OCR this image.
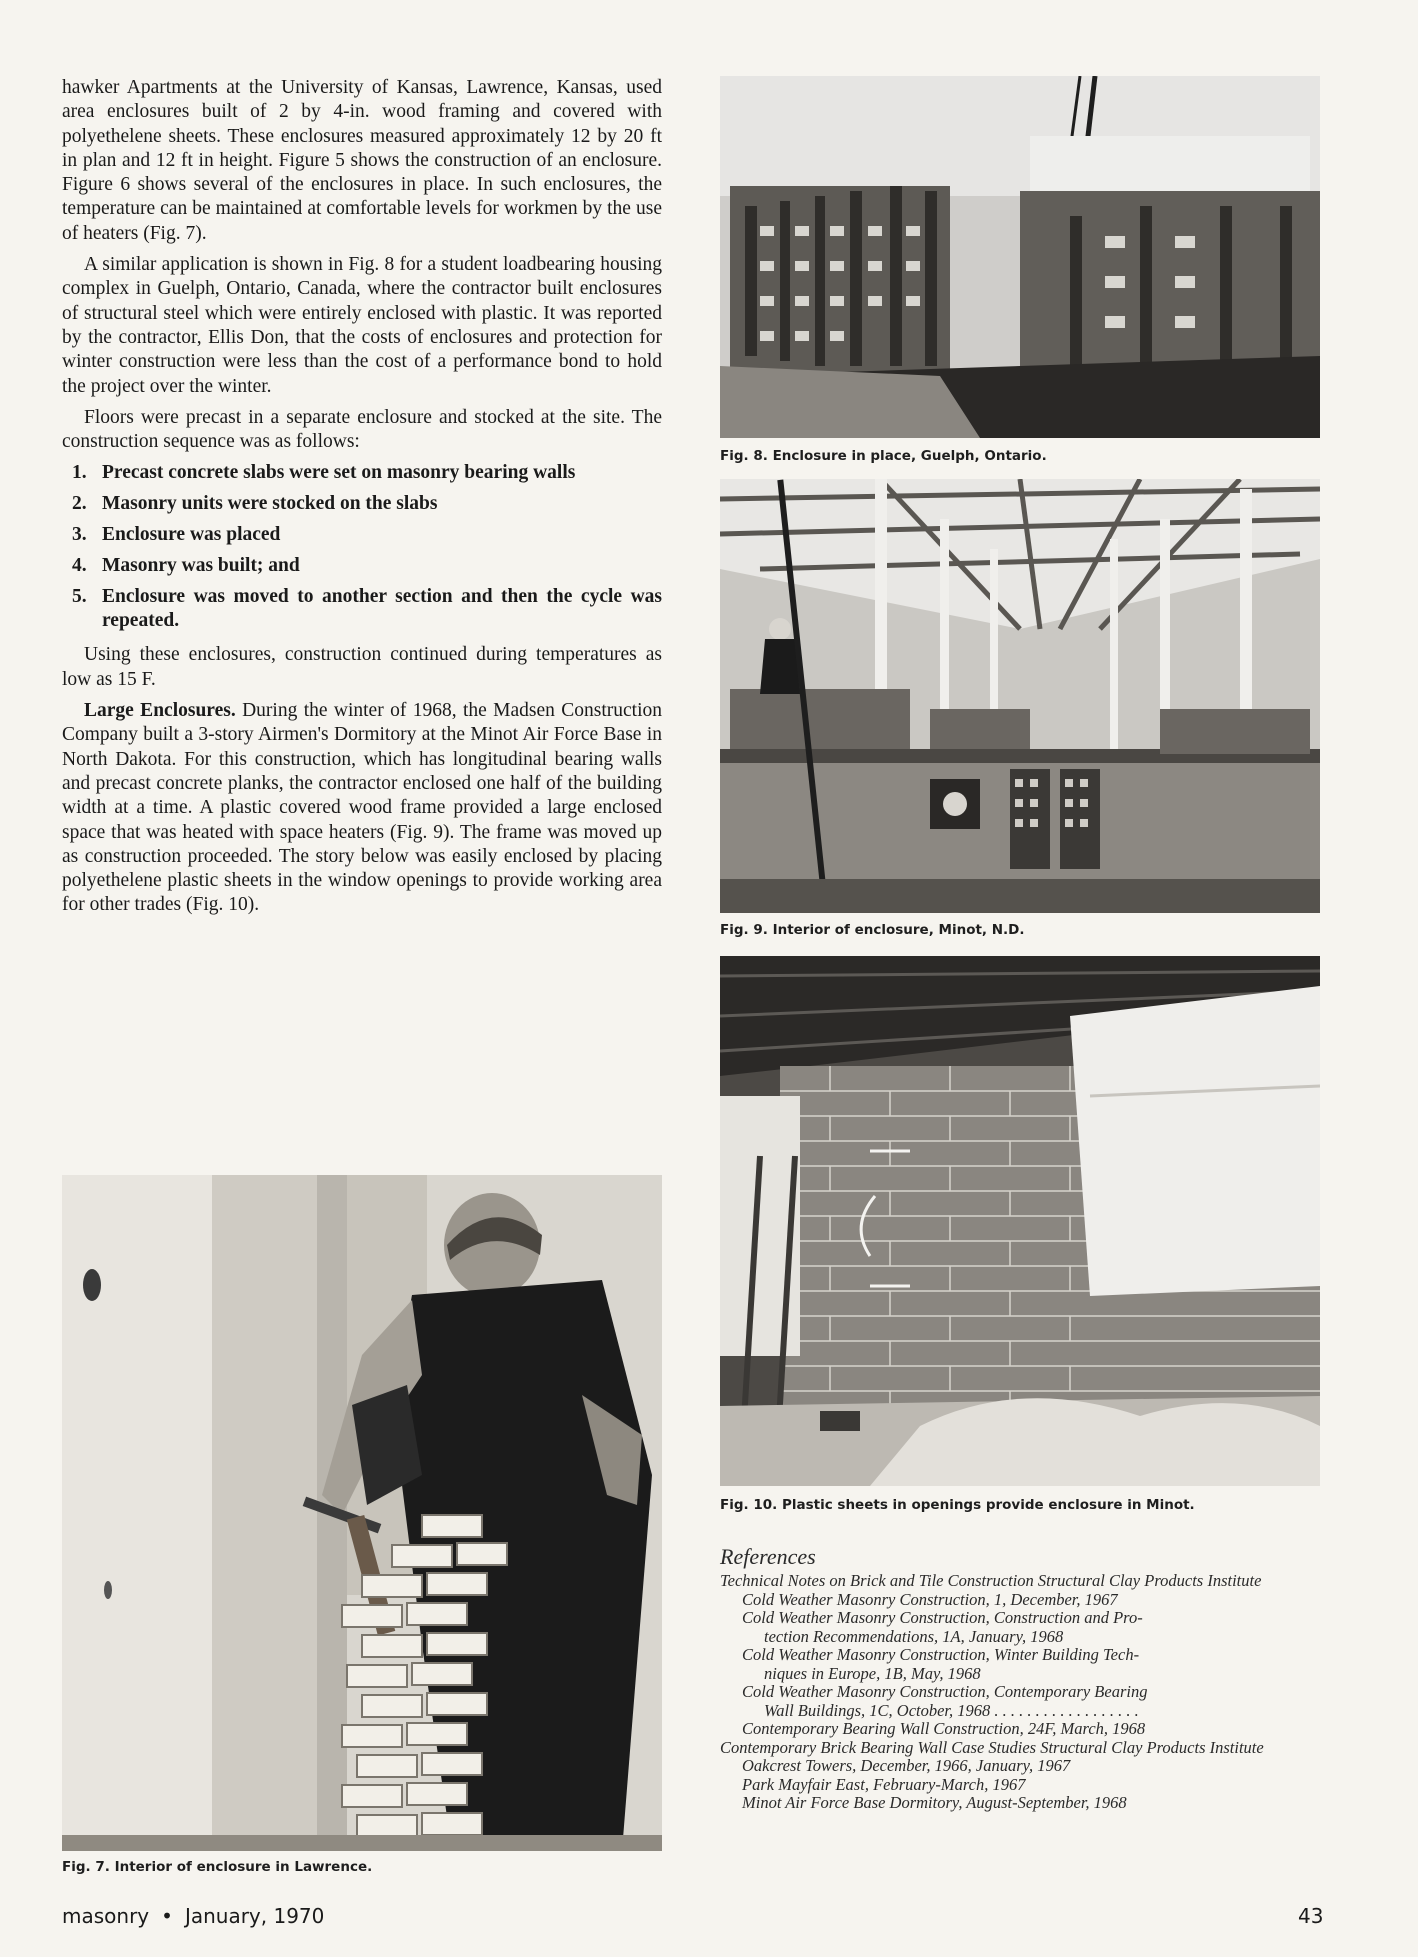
hawker Apartments at the University of Kansas, Lawrence, Kansas, used area enclosures built of 2 by 4-in. wood framing and covered with polyethelene sheets. These enclosures measured approximately 12 by 20 ft in plan and 12 ft in height. Figure 5 shows the construction of an enclosure. Figure 6 shows several of the enclosures in place. In such enclosures, the temperature can be maintained at comfortable levels for workmen by the use of heaters (Fig. 7).

A similar application is shown in Fig. 8 for a student loadbearing housing complex in Guelph, Ontario, Canada, where the contractor built enclosures of structural steel which were entirely enclosed with plastic. It was reported by the contractor, Ellis Don, that the costs of enclosures and protection for winter construction were less than the cost of a performance bond to hold the project over the winter.

Floors were precast in a separate enclosure and stocked at the site. The construction sequence was as follows:

1. Precast concrete slabs were set on masonry bearing walls
2. Masonry units were stocked on the slabs
3. Enclosure was placed
4. Masonry was built; and
5. Enclosure was moved to another section and then the cycle was repeated.

Using these enclosures, construction continued during temperatures as low as 15 F.

Large Enclosures. During the winter of 1968, the Madsen Construction Company built a 3-story Airmen's Dormitory at the Minot Air Force Base in North Dakota. For this construction, which has longitudinal bearing walls and precast concrete planks, the contractor enclosed one half of the building width at a time. A plastic covered wood frame provided a large enclosed space that was heated with space heaters (Fig. 9). The frame was moved up as construction proceeded. The story below was easily enclosed by placing polyethelene plastic sheets in the window openings to provide working area for other trades (Fig. 10).

Fig. 7. Interior of enclosure in Lawrence.
Fig. 8. Enclosure in place, Guelph, Ontario.
Fig. 9. Interior of enclosure, Minot, N.D.
Fig. 10. Plastic sheets in openings provide enclosure in Minot.
References
Technical Notes on Brick and Tile Construction Structural Clay Products Institute
Cold Weather Masonry Construction, 1, December, 1967
Cold Weather Masonry Construction, Construction and Pro-
tection Recommendations, 1A, January, 1968
Cold Weather Masonry Construction, Winter Building Tech-
niques in Europe, 1B, May, 1968
Cold Weather Masonry Construction, Contemporary Bearing
Wall Buildings, 1C, October, 1968 . . . . . . . . . . . . . . . . . .
Contemporary Bearing Wall Construction, 24F, March, 1968
Contemporary Brick Bearing Wall Case Studies Structural Clay Products Institute
Oakcrest Towers, December, 1966, January, 1967
Park Mayfair East, February-March, 1967
Minot Air Force Base Dormitory, August-September, 1968
masonry • January, 1970	43
